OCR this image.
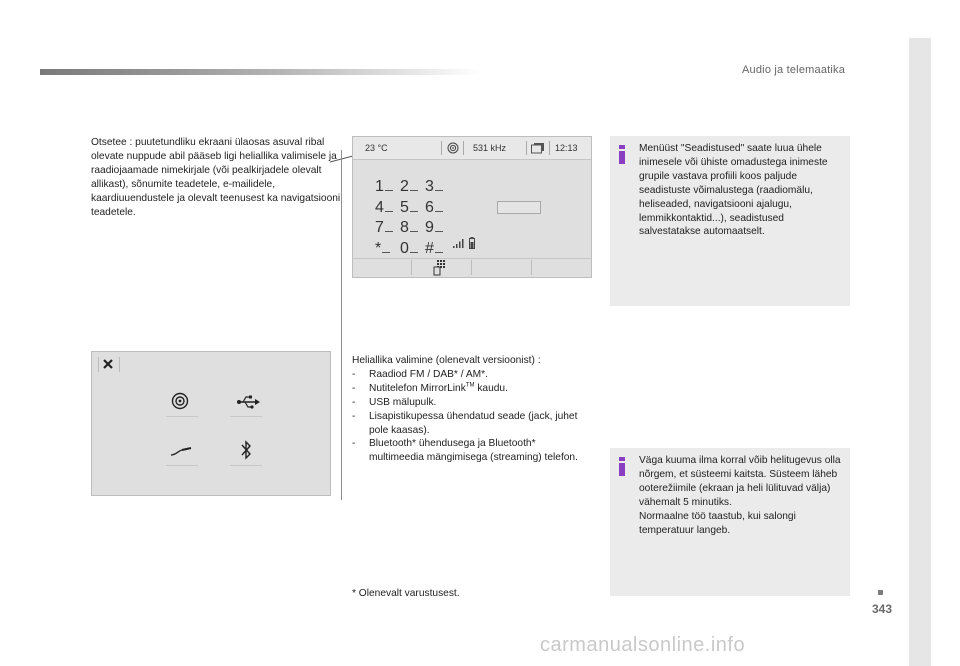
Audio ja telemaatika
343

Otsetee : puutetundliku ekraani ülaosas asuval ribal olevate nuppude abil pääseb ligi heliallika valimisele ja raadiojaamade nimekirjale (või pealkirjadele olevalt allikast), sõnumite teadetele, e-mailidele, kaardiuuendustele ja olevalt teenusest ka navigatsiooni teadetele.

23 °C	531 kHz	12:13
1 2 3
4 5 6
7 8 9
* 0 #

Menüüst "Seadistused" saate luua ühele inimesele või ühiste omadustega inimeste grupile vastava profiili koos paljude seadistuste võimalustega (raadiomälu, heliseaded, navigatsiooni ajalugu, lemmikkontaktid...), seadistused salvestatakse automaatselt.

Heliallika valimine (olenevalt versioonist) :

- Raadiod FM / DAB* / AM*.
- Nutitelefon MirrorLink™ kaudu.
- USB mälupulk.
- Lisapistikupessa ühendatud seade (jack, juhet pole kaasas).
- Bluetooth* ühendusega ja Bluetooth* multimeedia mängimisega (streaming) telefon.	Väga kuuma ilma korral võib helitugevus olla nõrgem, et süsteemi kaitsta. Süsteem läheb ooterežiimile (ekraan ja heli lülituvad välja) vähemalt 5 minutiks.

Normaalne töö taastub, kui salongi temperatuur langeb.

* Olenevalt varustusest.
carmanualsonline.info
